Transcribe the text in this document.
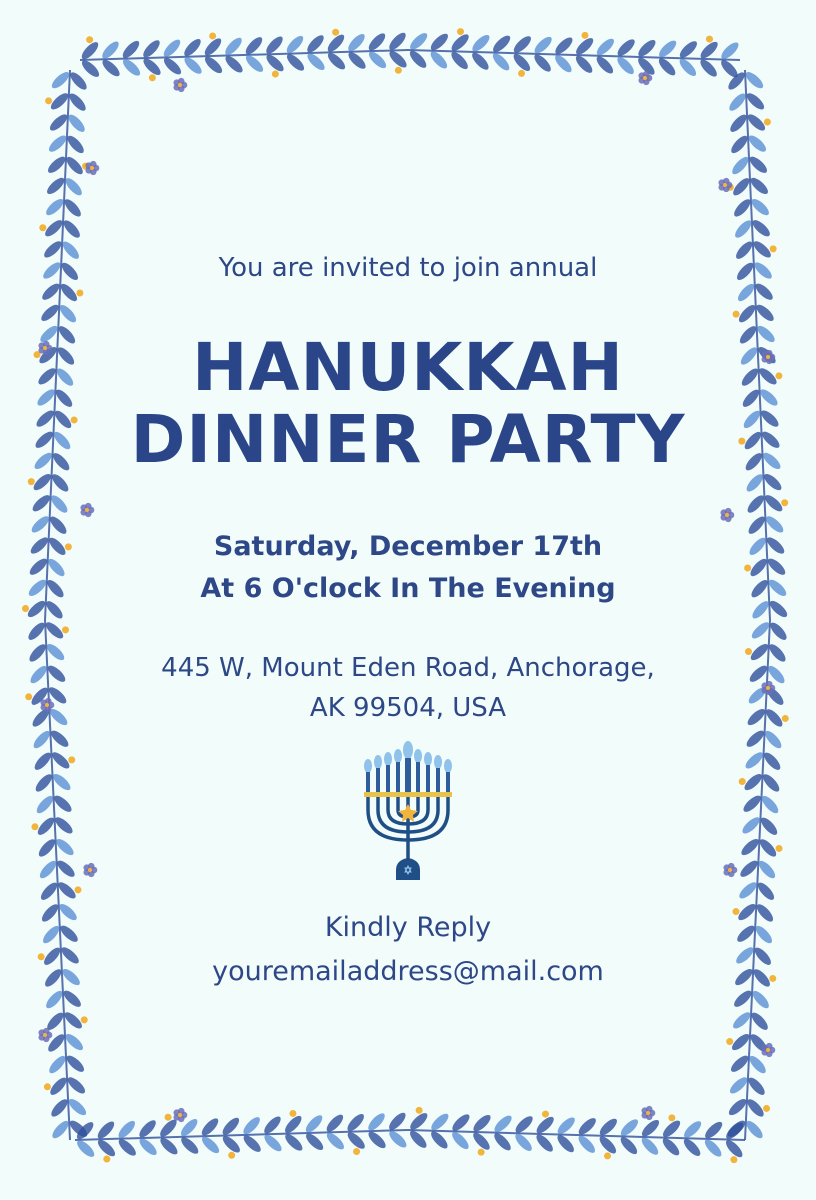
You are invited to join annual
HANUKKAH
DINNER PARTY
Saturday, December 17th
At 6 O'clock In The Evening
445 W, Mount Eden Road, Anchorage,
AK 99504, USA
Kindly Reply
youremailaddress@mail.com
